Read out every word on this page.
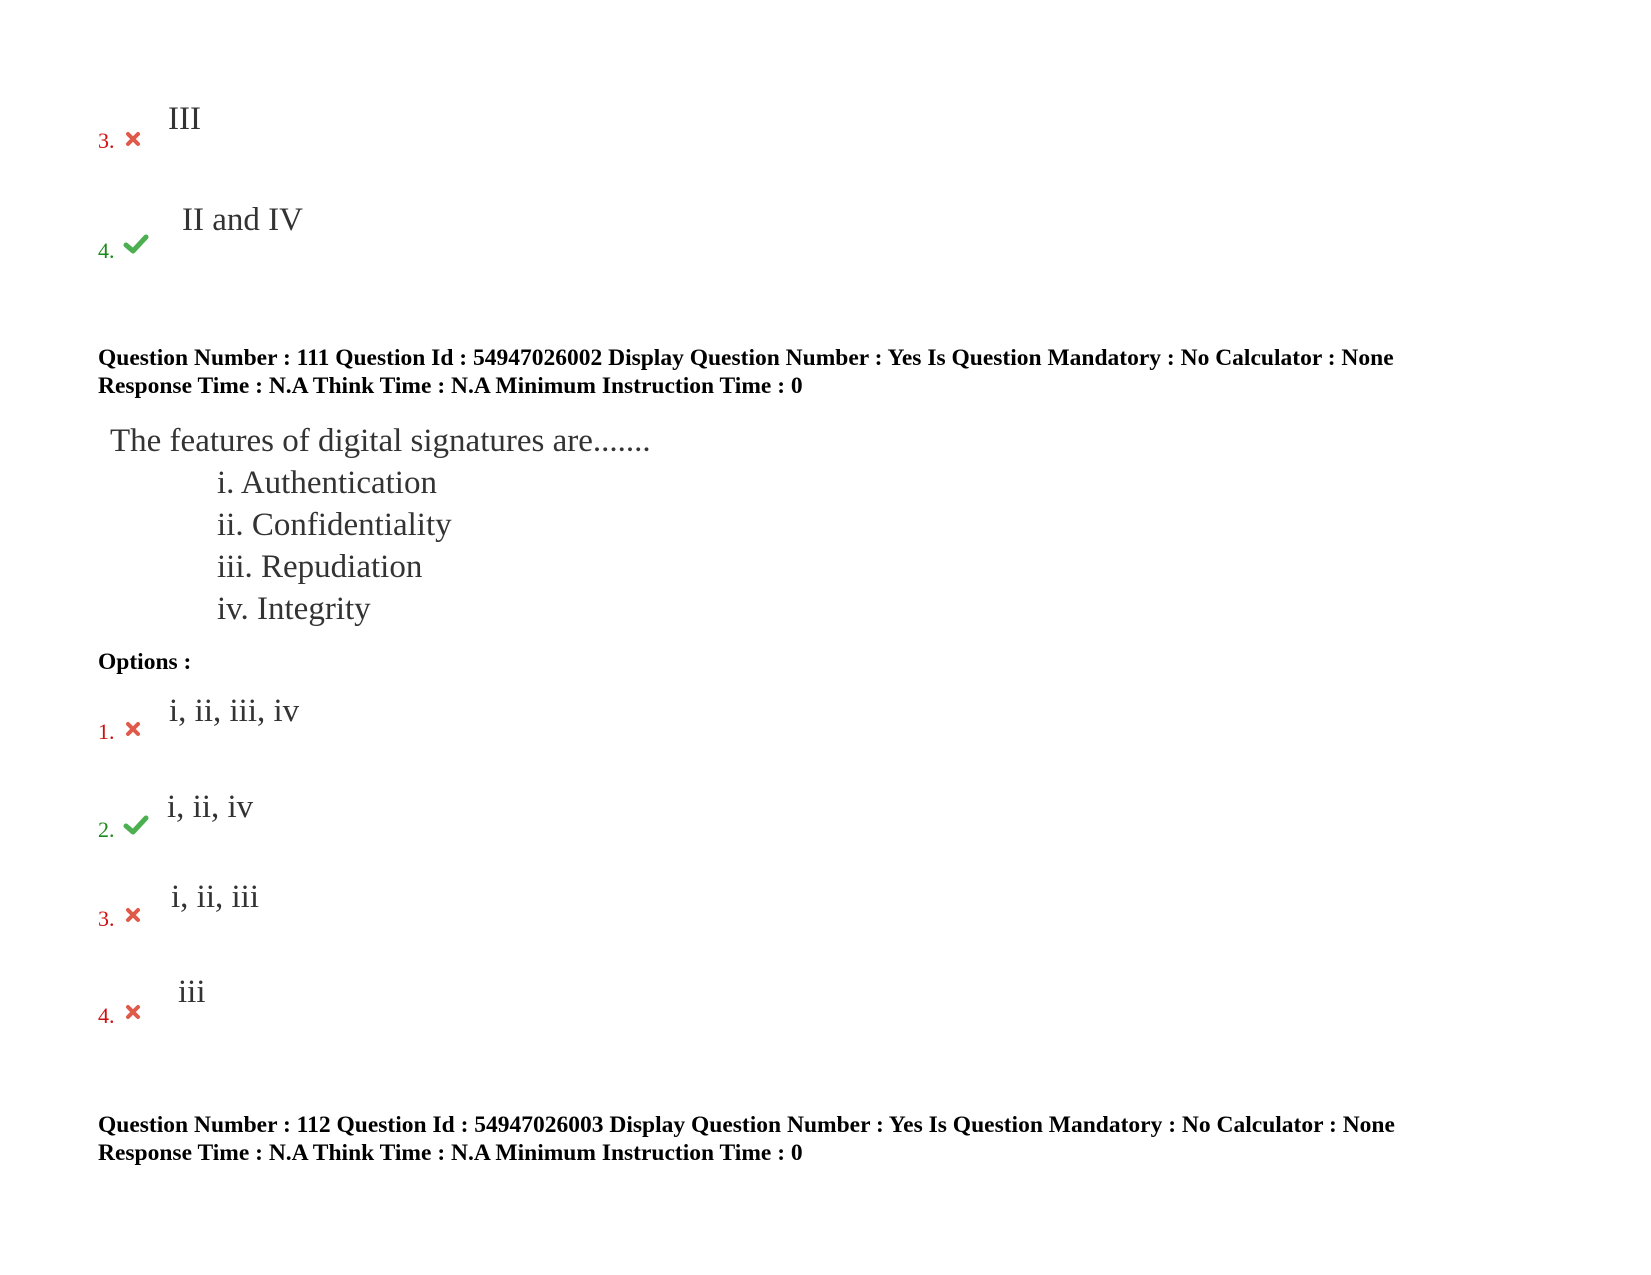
3.
III
4.
II and IV
Question Number : 111 Question Id : 54947026002 Display Question Number : Yes Is Question Mandatory : No Calculator : None
Response Time : N.A Think Time : N.A Minimum Instruction Time : 0
The features of digital signatures are.......
i. Authentication
ii. Confidentiality
iii. Repudiation
iv. Integrity
Options :
1.
i, ii, iii, iv
2.
i, ii, iv
3.
i, ii, iii
4.
iii
Question Number : 112 Question Id : 54947026003 Display Question Number : Yes Is Question Mandatory : No Calculator : None
Response Time : N.A Think Time : N.A Minimum Instruction Time : 0
